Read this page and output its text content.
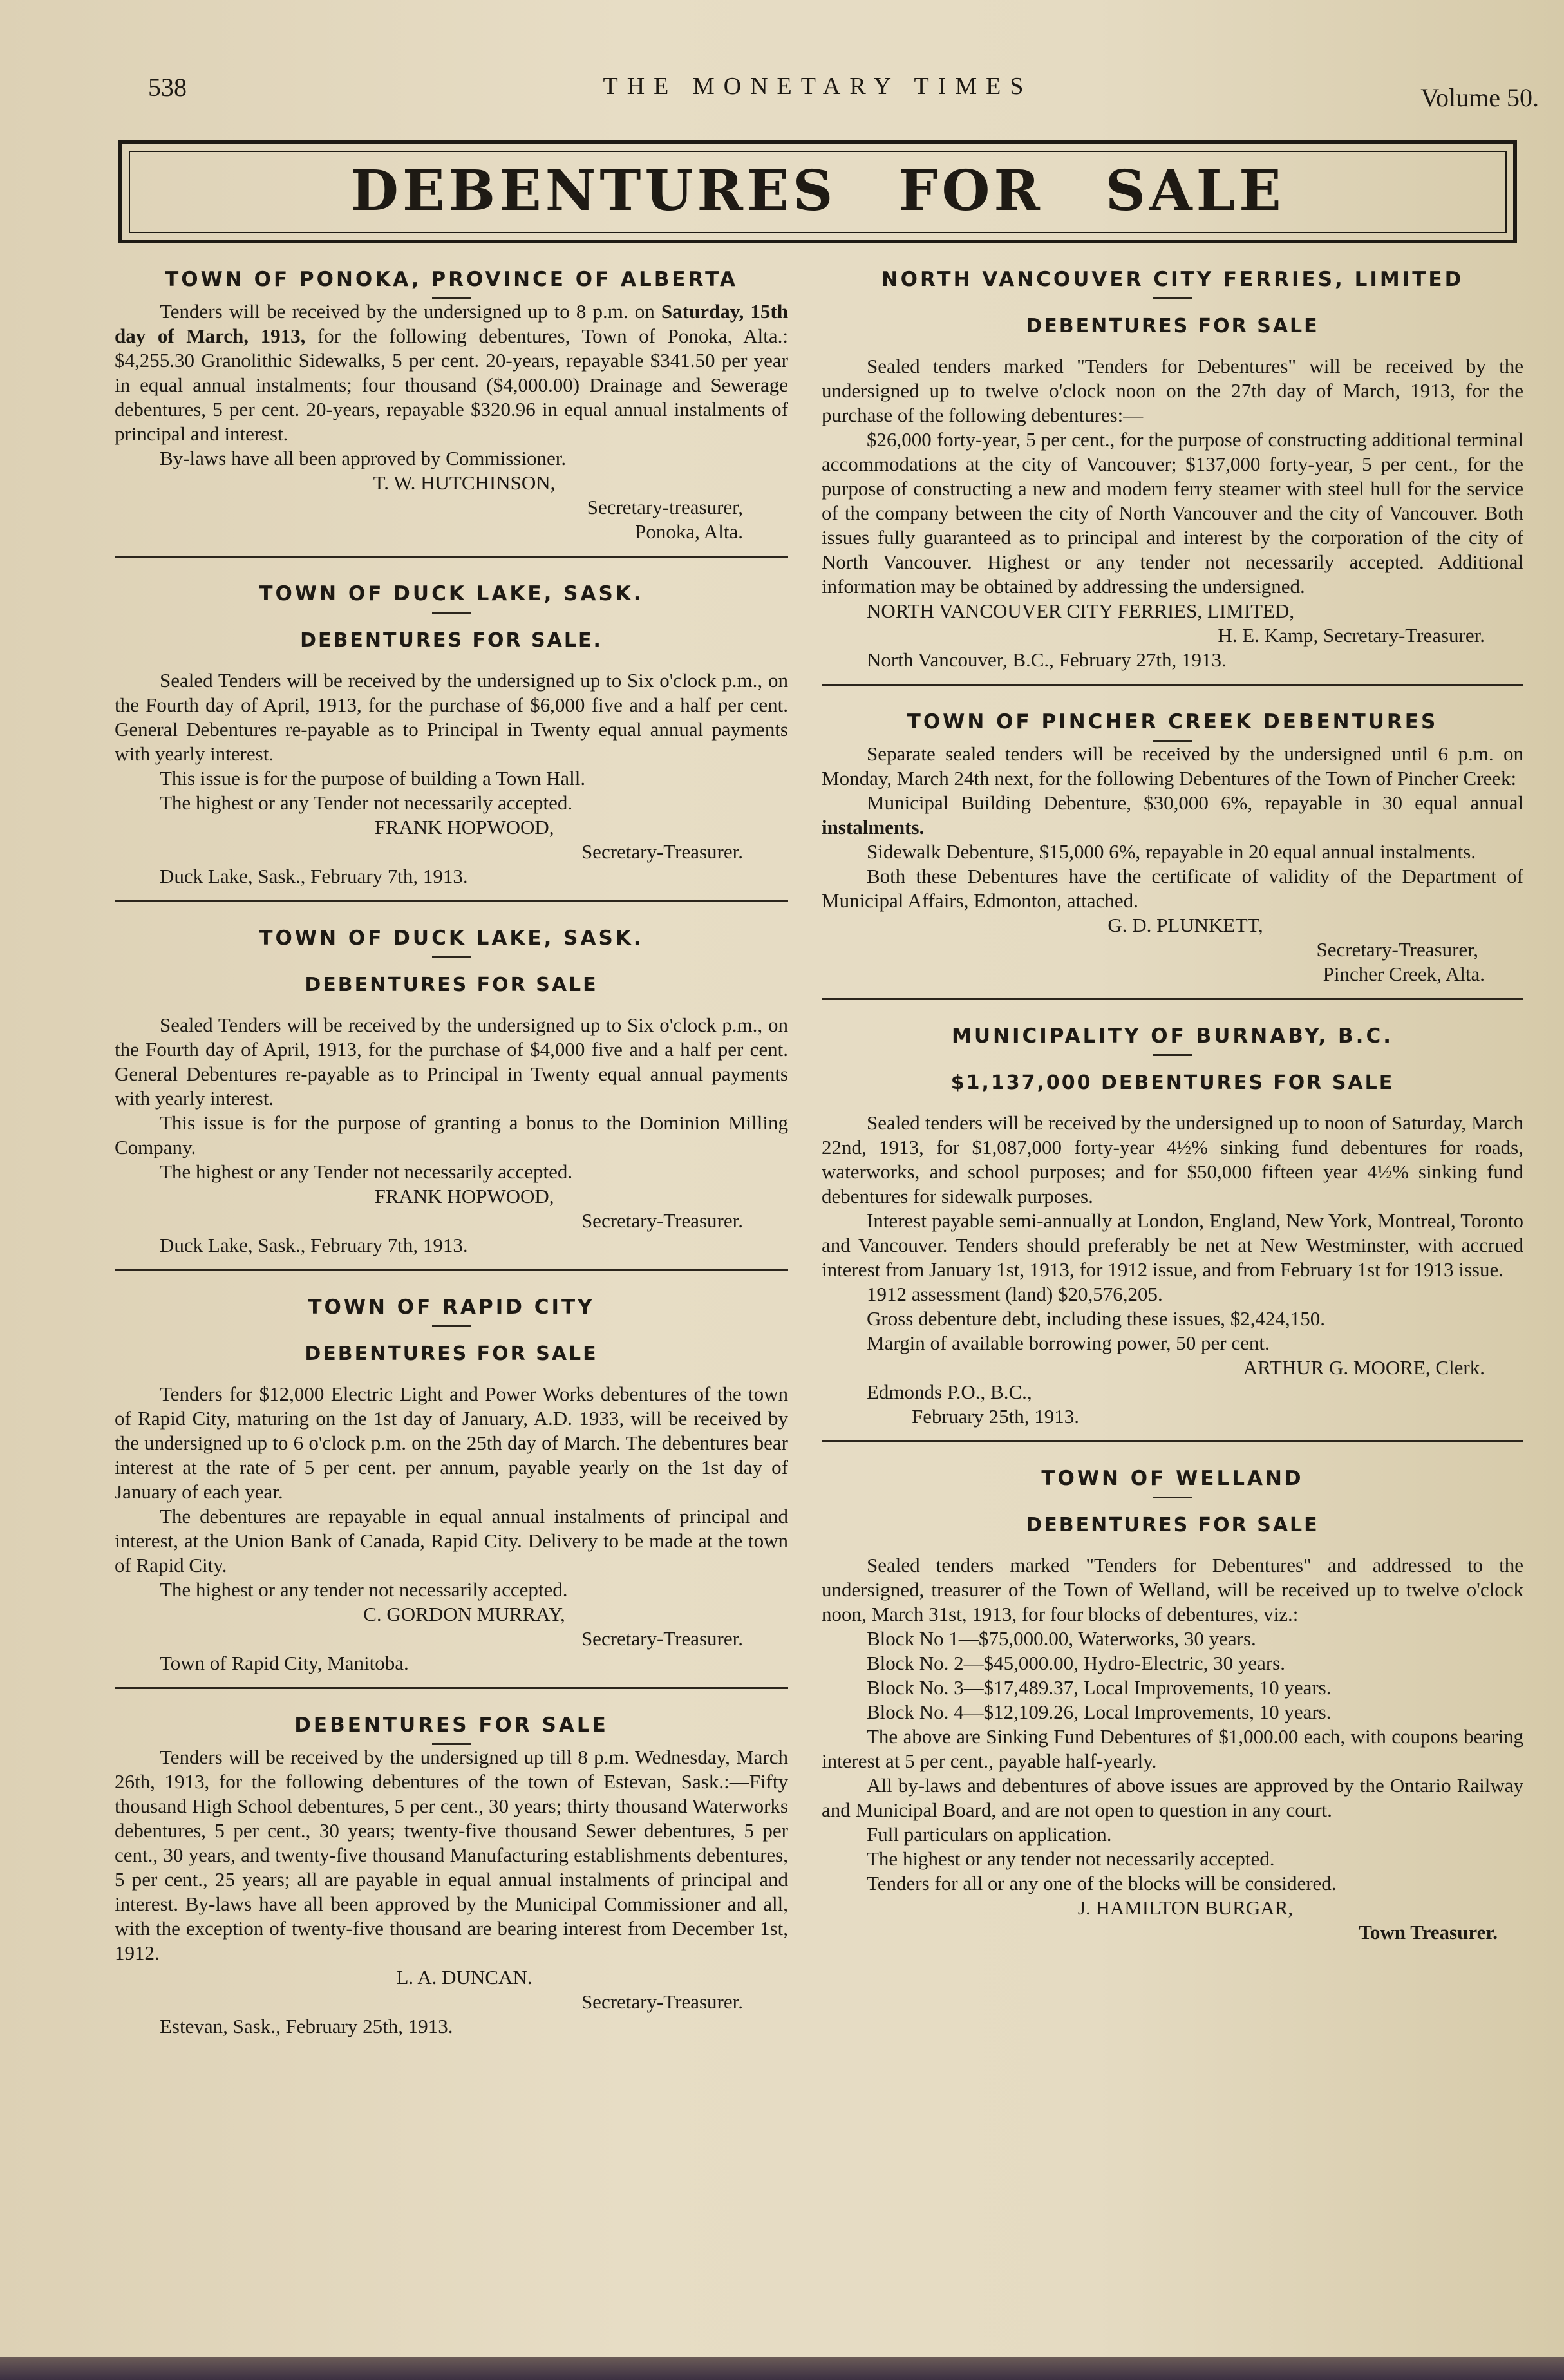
538	THE MONETARY TIMES	Volume 50.
DEBENTURES FOR SALE
TOWN OF PONOKA, PROVINCE OF ALBERTA

Tenders will be received by the undersigned up to 8 p.m. on Saturday, 15th day of March, 1913, for the following debentures, Town of Ponoka, Alta.: $4,255.30 Granolithic Sidewalks, 5 per cent. 20-years, repayable $341.50 per year in equal annual instalments; four thousand ($4,000.00) Drainage and Sewerage debentures, 5 per cent. 20-years, repayable $320.96 in equal annual instalments of principal and interest.

By-laws have all been approved by Commissioner.

T. W. HUTCHINSON,

Secretary-treasurer,

Ponoka, Alta.

TOWN OF DUCK LAKE, SASK.
DEBENTURES FOR SALE.

Sealed Tenders will be received by the undersigned up to Six o'clock p.m., on the Fourth day of April, 1913, for the purchase of $6,000 five and a half per cent. General Debentures re-payable as to Principal in Twenty equal annual payments with yearly interest.

This issue is for the purpose of building a Town Hall.

The highest or any Tender not necessarily accepted.

FRANK HOPWOOD,

Secretary-Treasurer.

Duck Lake, Sask., February 7th, 1913.

TOWN OF DUCK LAKE, SASK.
DEBENTURES FOR SALE

Sealed Tenders will be received by the undersigned up to Six o'clock p.m., on the Fourth day of April, 1913, for the purchase of $4,000 five and a half per cent. General Debentures re-payable as to Principal in Twenty equal annual payments with yearly interest.

This issue is for the purpose of granting a bonus to the Dominion Milling Company.

The highest or any Tender not necessarily accepted.

FRANK HOPWOOD,

Secretary-Treasurer.

Duck Lake, Sask., February 7th, 1913.

TOWN OF RAPID CITY
DEBENTURES FOR SALE

Tenders for $12,000 Electric Light and Power Works debentures of the town of Rapid City, maturing on the 1st day of January, A.D. 1933, will be received by the undersigned up to 6 o'clock p.m. on the 25th day of March. The debentures bear interest at the rate of 5 per cent. per annum, payable yearly on the 1st day of January of each year.

The debentures are repayable in equal annual instalments of principal and interest, at the Union Bank of Canada, Rapid City. Delivery to be made at the town of Rapid City.

The highest or any tender not necessarily accepted.

C. GORDON MURRAY,

Secretary-Treasurer.

Town of Rapid City, Manitoba.

DEBENTURES FOR SALE

Tenders will be received by the undersigned up till 8 p.m. Wednesday, March 26th, 1913, for the following debentures of the town of Estevan, Sask.:—Fifty thousand High School debentures, 5 per cent., 30 years; thirty thousand Waterworks debentures, 5 per cent., 30 years; twenty-five thousand Sewer debentures, 5 per cent., 30 years, and twenty-five thousand Manufacturing establishments debentures, 5 per cent., 25 years; all are payable in equal annual instalments of principal and interest. By-laws have all been approved by the Municipal Commissioner and all, with the exception of twenty-five thousand are bearing interest from December 1st, 1912.

L. A. DUNCAN.

Secretary-Treasurer.

Estevan, Sask., February 25th, 1913.

NORTH VANCOUVER CITY FERRIES, LIMITED
DEBENTURES FOR SALE

Sealed tenders marked "Tenders for Debentures" will be received by the undersigned up to twelve o'clock noon on the 27th day of March, 1913, for the purchase of the following debentures:—

$26,000 forty-year, 5 per cent., for the purpose of constructing additional terminal accommodations at the city of Vancouver; $137,000 forty-year, 5 per cent., for the purpose of constructing a new and modern ferry steamer with steel hull for the service of the company between the city of North Vancouver and the city of Vancouver. Both issues fully guaranteed as to principal and interest by the corporation of the city of North Vancouver. Highest or any tender not necessarily accepted. Additional information may be obtained by addressing the undersigned.

NORTH VANCOUVER CITY FERRIES, LIMITED,

H. E. Kamp, Secretary-Treasurer.

North Vancouver, B.C., February 27th, 1913.

TOWN OF PINCHER CREEK DEBENTURES

Separate sealed tenders will be received by the undersigned until 6 p.m. on Monday, March 24th next, for the following Debentures of the Town of Pincher Creek:

Municipal Building Debenture, $30,000 6%, repayable in 30 equal annual instalments.

Sidewalk Debenture, $15,000 6%, repayable in 20 equal annual instalments.

Both these Debentures have the certificate of validity of the Department of Municipal Affairs, Edmonton, attached.

G. D. PLUNKETT,

Secretary-Treasurer,

Pincher Creek, Alta.

MUNICIPALITY OF BURNABY, B.C.
$1,137,000 DEBENTURES FOR SALE

Sealed tenders will be received by the undersigned up to noon of Saturday, March 22nd, 1913, for $1,087,000 forty-year 4½% sinking fund debentures for roads, waterworks, and school purposes; and for $50,000 fifteen year 4½% sinking fund debentures for sidewalk purposes.

Interest payable semi-annually at London, England, New York, Montreal, Toronto and Vancouver. Tenders should preferably be net at New Westminster, with accrued interest from January 1st, 1913, for 1912 issue, and from February 1st for 1913 issue.

1912 assessment (land) $20,576,205.

Gross debenture debt, including these issues, $2,424,150.

Margin of available borrowing power, 50 per cent.

ARTHUR G. MOORE, Clerk.

Edmonds P.O., B.C.,

February 25th, 1913.

TOWN OF WELLAND
DEBENTURES FOR SALE

Sealed tenders marked "Tenders for Debentures" and addressed to the undersigned, treasurer of the Town of Welland, will be received up to twelve o'clock noon, March 31st, 1913, for four blocks of debentures, viz.:

Block No 1—$75,000.00, Waterworks, 30 years.

Block No. 2—$45,000.00, Hydro-Electric, 30 years.

Block No. 3—$17,489.37, Local Improvements, 10 years.

Block No. 4—$12,109.26, Local Improvements, 10 years.

The above are Sinking Fund Debentures of $1,000.00 each, with coupons bearing interest at 5 per cent., payable half-yearly.

All by-laws and debentures of above issues are approved by the Ontario Railway and Municipal Board, and are not open to question in any court.

Full particulars on application.

The highest or any tender not necessarily accepted.

Tenders for all or any one of the blocks will be considered.

J. HAMILTON BURGAR,

Town Treasurer.
